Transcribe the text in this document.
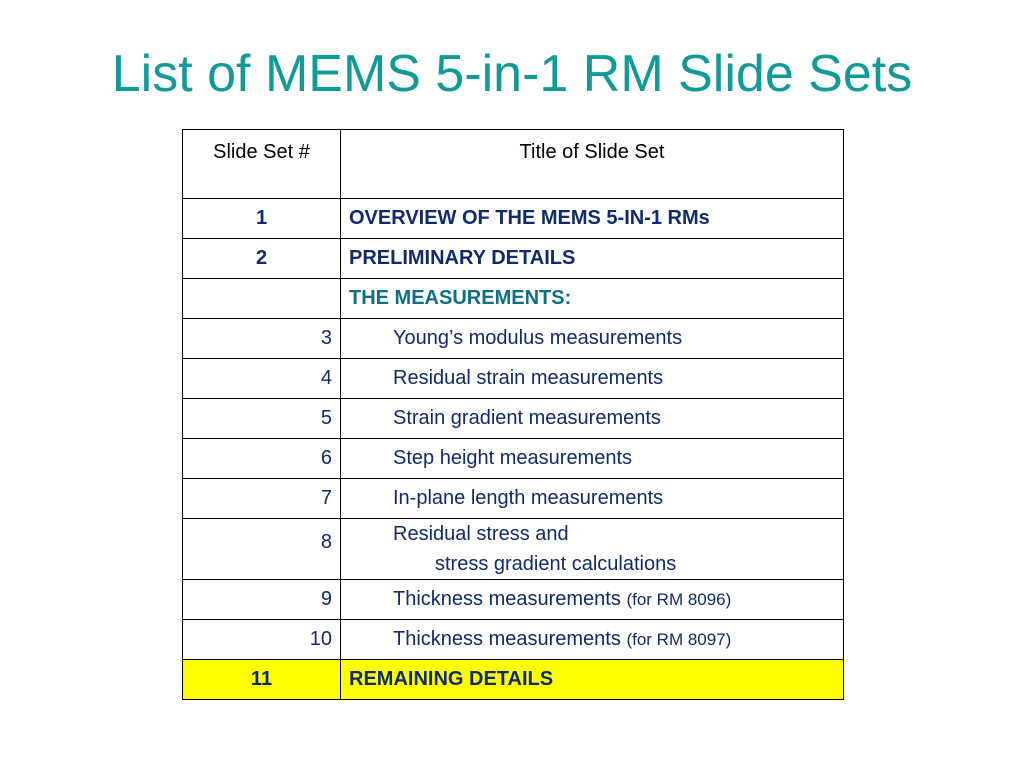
List of MEMS 5-in-1 RM Slide Sets
Slide Set #	Title of Slide Set
1	OVERVIEW OF THE MEMS 5-IN-1 RMs
2	PRELIMINARY DETAILS
	THE MEASUREMENTS:
3	Young’s modulus measurements
4	Residual strain measurements
5	Strain gradient measurements
6	Step height measurements
7	In-plane length measurements
8	Residual stress and
stress gradient calculations

9	Thickness measurements (for RM 8096)
10	Thickness measurements (for RM 8097)
11	REMAINING DETAILS
